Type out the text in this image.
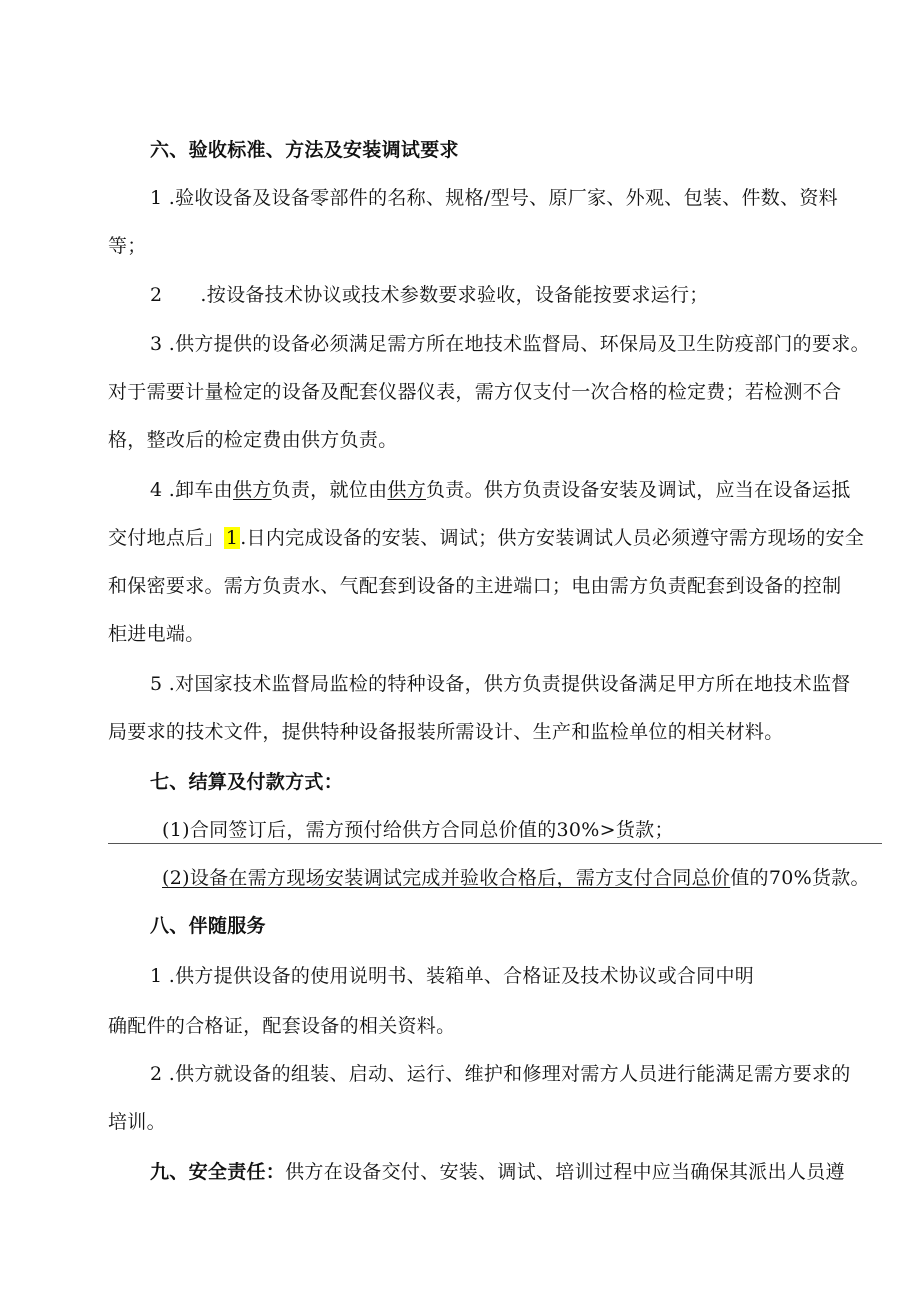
六、验收标准、方法及安装调试要求
1 .验收设备及设备零部件的名称、规格/型号、原厂家、外观、包装、件数、资料
等；
2      .按设备技术协议或技术参数要求验收，设备能按要求运行；
3 .供方提供的设备必须满足需方所在地技术监督局、环保局及卫生防疫部门的要求。
对于需要计量检定的设备及配套仪器仪表，需方仅支付一次合格的检定费；若检测不合
格，整改后的检定费由供方负责。
4 .卸车由供方负责，就位由供方负责。供方负责设备安装及调试，应当在设备运抵
交付地点后」 1 .日内完成设备的安装、调试；供方安装调试人员必须遵守需方现场的安全
和保密要求。需方负责水、气配套到设备的主进端口；电由需方负责配套到设备的控制
柜进电端。
5 .对国家技术监督局监检的特种设备，供方负责提供设备满足甲方所在地技术监督
局要求的技术文件，提供特种设备报装所需设计、生产和监检单位的相关材料。
七、结算及付款方式：
(1)合同签订后，需方预付给供方合同总价值的30%>货款；
(2)设备在需方现场安装调试完成并验收合格后，需方支付合同总价值的70%货款。
八、伴随服务
1 .供方提供设备的使用说明书、装箱单、合格证及技术协议或合同中明
确配件的合格证，配套设备的相关资料。
2 .供方就设备的组装、启动、运行、维护和修理对需方人员进行能满足需方要求的
培训。
九、安全责任：供方在设备交付、安装、调试、培训过程中应当确保其派出人员遵
